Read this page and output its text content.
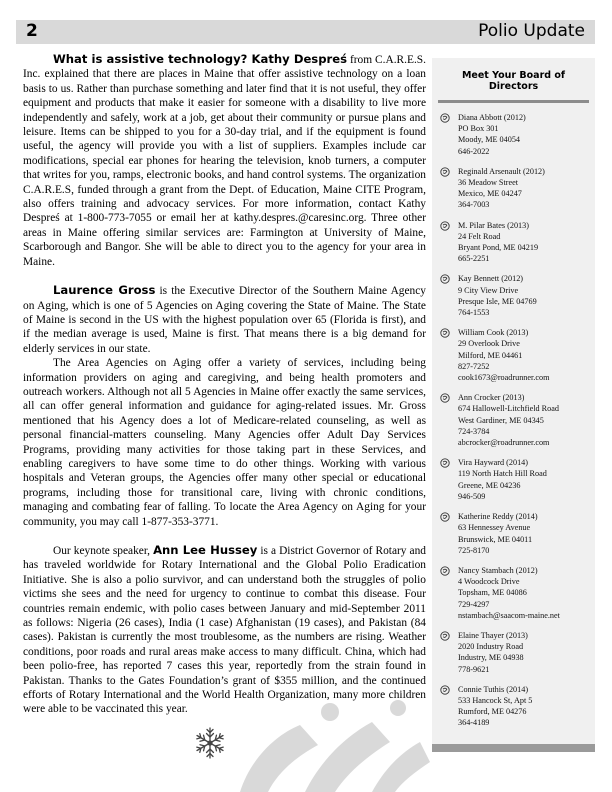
2	Polio Update

What is assistive technology? Kathy Despreś from C.A.R.E.S. Inc. explained that there are places in Maine that offer assistive technology on a loan basis to us. Rather than purchase something and later find that it is not useful, they offer equipment and products that make it easier for someone with a disability to live more independently and safely, work at a job, get about their community or pursue plans and leisure. Items can be shipped to you for a 30-day trial, and if the equipment is found useful, the agency will provide you with a list of suppliers. Examples include car modifications, special ear phones for hearing the television, knob turners, a computer that writes for you, ramps, electronic books, and hand control systems. The organization C.A.R.E.S, funded through a grant from the Dept. of Education, Maine CITE Program, also offers training and advocacy services. For more information, contact Kathy Despreś at 1-800-773-7055 or email her at kathy.despres.@caresinc.org. Three other areas in Maine offering similar services are: Farmington at University of Maine, Scarborough and Bangor. She will be able to direct you to the agency for your area in Maine.

Laurence Gross is the Executive Director of the Southern Maine Agency on Aging, which is one of 5 Agencies on Aging covering the State of Maine. The State of Maine is second in the US with the highest population over 65 (Florida is first), and if the median average is used, Maine is first. That means there is a big demand for elderly services in our state.

The Area Agencies on Aging offer a variety of services, including being information providers on aging and caregiving, and being health promoters and outreach workers. Although not all 5 Agencies in Maine offer exactly the same services, all can offer general information and guidance for aging-related issues. Mr. Gross mentioned that his Agency does a lot of Medicare-related counseling, as well as personal financial-matters counseling. Many Agencies offer Adult Day Services Programs, providing many activities for those taking part in these Services, and enabling caregivers to have some time to do other things. Working with various hospitals and Veteran groups, the Agencies offer many other special or educational programs, including those for transitional care, living with chronic conditions, managing and combating fear of falling. To locate the Area Agency on Aging for your community, you may call 1-877-353-3771.

Our keynote speaker, Ann Lee Hussey is a District Governor of Rotary and has traveled worldwide for Rotary International and the Global Polio Eradication Initiative. She is also a polio survivor, and can understand both the struggles of polio victims she sees and the need for urgency to continue to combat this disease. Four countries remain endemic, with polio cases between January and mid-September 2011 as follows: Nigeria (26 cases), India (1 case) Afghanistan (19 cases), and Pakistan (84 cases). Pakistan is currently the most troublesome, as the numbers are rising. Weather conditions, poor roads and rural areas make access to many difficult. China, which had been polio-free, has reported 7 cases this year, reportedly from the strain found in Pakistan. Thanks to the Gates Foundation’s grant of $355 million, and the continued efforts of Rotary International and the World Health Organization, many more children were able to be vaccinated this year.

Meet Your Board of Directors
Diana Abbott (2012)
PO Box 301
Moody, ME 04054
646-2022
Reginald Arsenault (2012)
36 Meadow Street
Mexico, ME 04247
364-7003
M. Pilar Bates (2013)
24 Felt Road
Bryant Pond, ME 04219
665-2251
Kay Bennett (2012)
9 City View Drive
Presque Isle, ME 04769
764-1553
William Cook (2013)
29 Overlook Drive
Milford, ME 04461
827-7252
cook1673@roadrunner.com
Ann Crocker (2013)
674 Hallowell-Litchfield Road
West Gardiner, ME 04345
724-3784
abcrocker@roadrunner.com
Vira Hayward (2014)
119 North Hatch Hill Road
Greene, ME 04236
946-509
Katherine Reddy (2014)
63 Hennessey Avenue
Brunswick, ME 04011
725-8170
Nancy Stambach (2012)
4 Woodcock Drive
Topsham, ME 04086
729-4297
nstambach@saacom-maine.net
Elaine Thayer (2013)
2020 Industry Road
Industry, ME 04938
778-9621
Connie Tuthis (2014)
533 Hancock St, Apt 5
Rumford, ME 04276
364-4189
